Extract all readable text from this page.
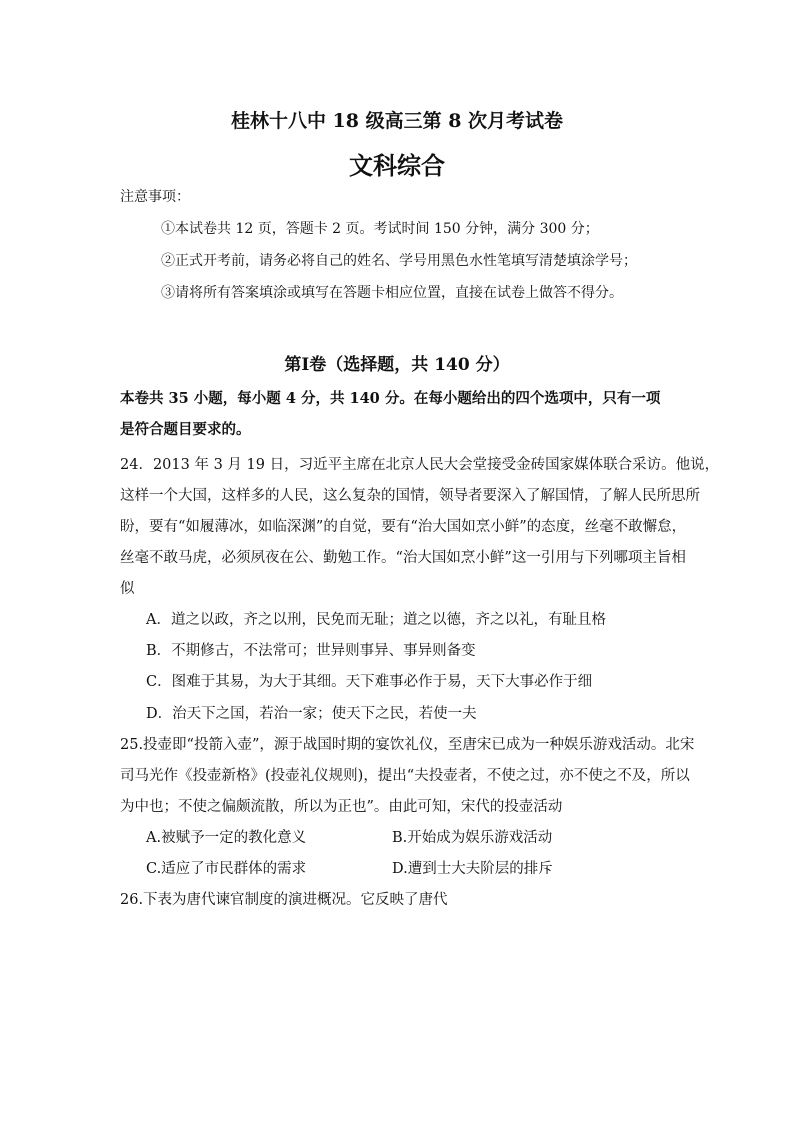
桂林十八中 18 级高三第 8 次月考试卷
文科综合
注意事项：
①本试卷共 12 页，答题卡 2 页。考试时间 150 分钟，满分 300 分；
②正式开考前，请务必将自己的姓名、学号用黑色水性笔填写清楚填涂学号；
③请将所有答案填涂或填写在答题卡相应位置，直接在试卷上做答不得分。
第Ⅰ卷（选择题，共 140 分）
本卷共 35 小题，每小题 4 分，共 140 分。在每小题给出的四个选项中，只有一项
是符合题目要求的。
24．2013 年 3 月 19 日，习近平主席在北京人民大会堂接受金砖国家媒体联合采访。他说，
这样一个大国，这样多的人民，这么复杂的国情，领导者要深入了解国情，了解人民所思所
盼，要有“如履薄冰，如临深渊”的自觉，要有“治大国如烹小鲜”的态度，丝毫不敢懈怠，
丝毫不敢马虎，必须夙夜在公、勤勉工作。“治大国如烹小鲜”这一引用与下列哪项主旨相
似
A．道之以政，齐之以刑，民免而无耻；道之以德，齐之以礼，有耻且格
B．不期修古，不法常可；世异则事异、事异则备变
C．图难于其易，为大于其细。天下难事必作于易，天下大事必作于细
D．治天下之国，若治一家；使天下之民，若使一夫
25.投壶即“投箭入壶”，源于战国时期的宴饮礼仪，至唐宋已成为一种娱乐游戏活动。北宋
司马光作《投壶新格》(投壶礼仪规则)，提出“夫投壶者，不使之过，亦不使之不及，所以
为中也；不使之偏颇流散，所以为正也”。由此可知，宋代的投壶活动
A.被赋予一定的教化意义	B.开始成为娱乐游戏活动
C.适应了市民群体的需求	D.遭到士大夫阶层的排斥
26.下表为唐代谏官制度的演进概况。它反映了唐代
